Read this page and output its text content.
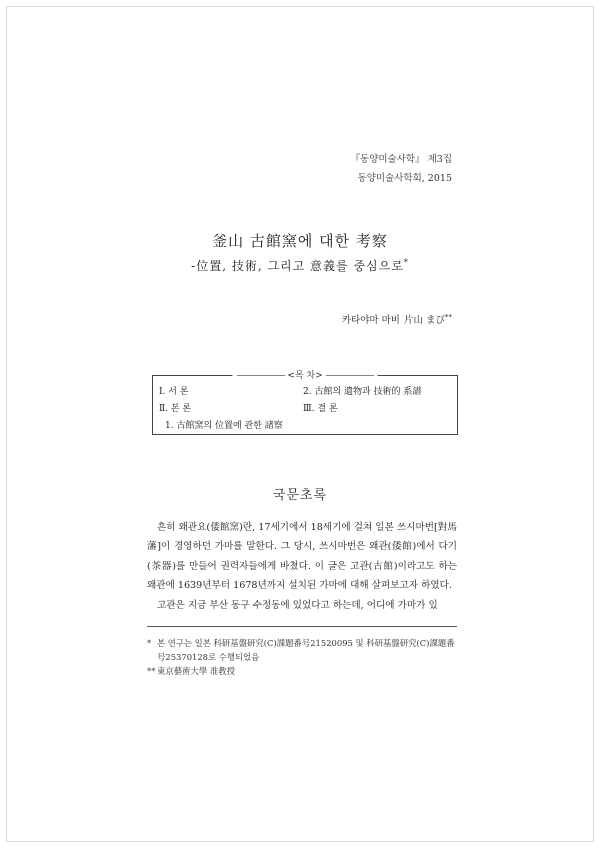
『동양미술사학』 제3집
동양미술사학회, 2015
釜山 古館窯에 대한 考察
-位置, 技術, 그리고 意義를 중심으로*
카타야마 마비 片山 まび**
—————— <목 차> ——————
Ⅰ. 서 론	2. 古館의 遺物과 技術的 系譜
Ⅱ. 본 론	Ⅲ. 결 론
1. 古館窯의 位置에 관한 諸察
국문초록

흔히 왜관요(倭館窯)란, 17세기에서 18세기에 걸쳐 일본 쓰시마번[對馬藩]이 경영하던 가마를 말한다. 그 당시, 쓰시마번은 왜관(倭館)에서 다기(茶器)를 만들어 권력자들에게 바쳤다. 이 글은 고관(古館)이라고도 하는 왜관에 1639년부터 1678년까지 설치된 가마에 대해 살펴보고자 하였다.

고관은 지금 부산 동구 수정동에 있었다고 하는데, 어디에 가마가 있

* 본 연구는 일본 科研基盤研究(C)課題番号21520095 및 科研基盤研究(C)課題番号25370128로 수행되었음
** 東京藝術大學 准教授
